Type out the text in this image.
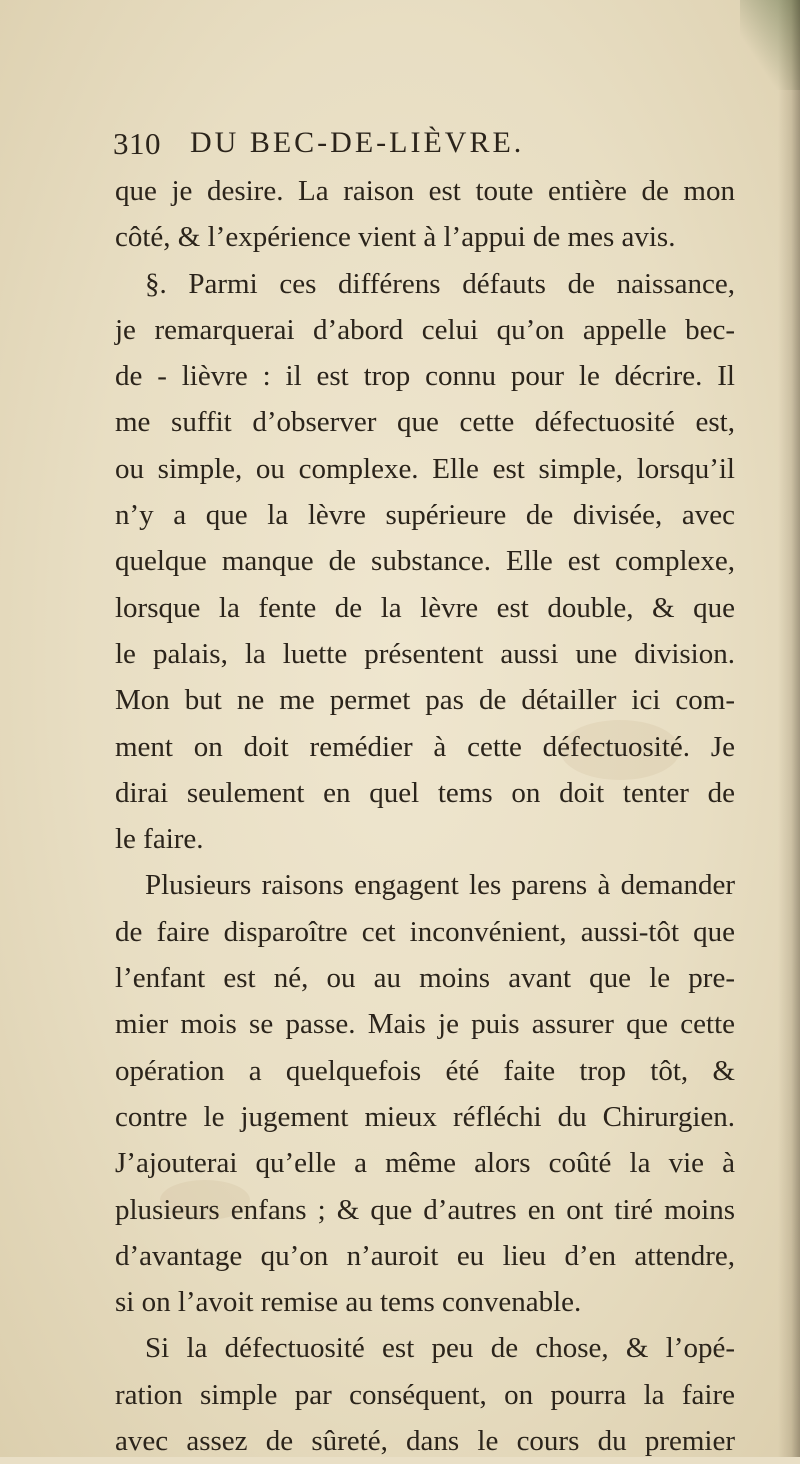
310 DU BEC-DE-LIÈVRE.
que je desire. La raison est toute entière de mon
côté, & l’expérience vient à l’appui de mes avis.
§. Parmi ces différens défauts de naissance,
je remarquerai d’abord celui qu’on appelle bec-
de - lièvre : il est trop connu pour le décrire. Il
me suffit d’observer que cette défectuosité est,
ou simple, ou complexe. Elle est simple, lorsqu’il
n’y a que la lèvre supérieure de divisée, avec
quelque manque de substance. Elle est complexe,
lorsque la fente de la lèvre est double, & que
le palais, la luette présentent aussi une division.
Mon but ne me permet pas de détailler ici com-
ment on doit remédier à cette défectuosité. Je
dirai seulement en quel tems on doit tenter de
le faire.
Plusieurs raisons engagent les parens à demander
de faire disparoître cet inconvénient, aussi-tôt que
l’enfant est né, ou au moins avant que le pre-
mier mois se passe. Mais je puis assurer que cette
opération a quelquefois été faite trop tôt, &
contre le jugement mieux réfléchi du Chirurgien.
J’ajouterai qu’elle a même alors coûté la vie à
plusieurs enfans ; & que d’autres en ont tiré moins
d’avantage qu’on n’auroit eu lieu d’en attendre,
si on l’avoit remise au tems convenable.
Si la défectuosité est peu de chose, & l’opé-
ration simple par conséquent, on pourra la faire
avec assez de sûreté, dans le cours du premier
